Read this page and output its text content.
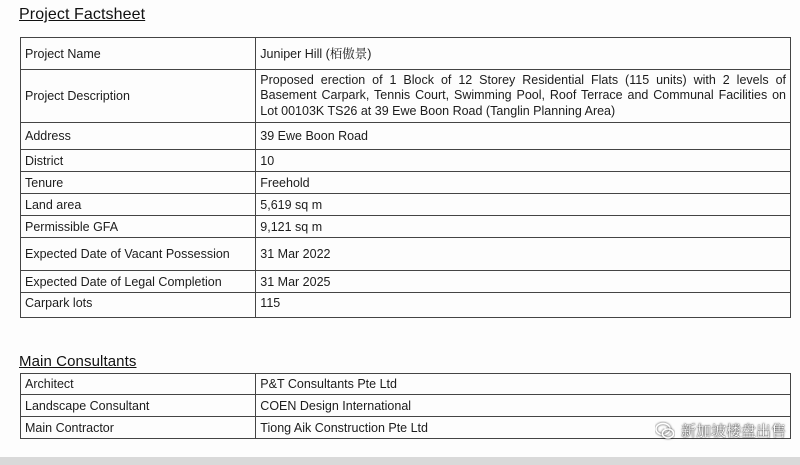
Project Factsheet
Project Name	Juniper Hill (栢傲景)
Project Description	Proposed erection of 1 Block of 12 Storey Residential Flats (115 units) with 2 levels of Basement Carpark, Tennis Court, Swimming Pool, Roof Terrace and Communal Facilities on Lot 00103K TS26 at 39 Ewe Boon Road (Tanglin Planning Area)
Address	39 Ewe Boon Road
District	10
Tenure	Freehold
Land area	5,619 sq m
Permissible GFA	9,121 sq m
Expected Date of Vacant Possession	31 Mar 2022
Expected Date of Legal Completion	31 Mar 2025
Carpark lots	115
Main Consultants
Architect	P&T Consultants Pte Ltd
Landscape Consultant	COEN Design International
Main Contractor	Tiong Aik Construction Pte Ltd	新加坡楼盘出售
